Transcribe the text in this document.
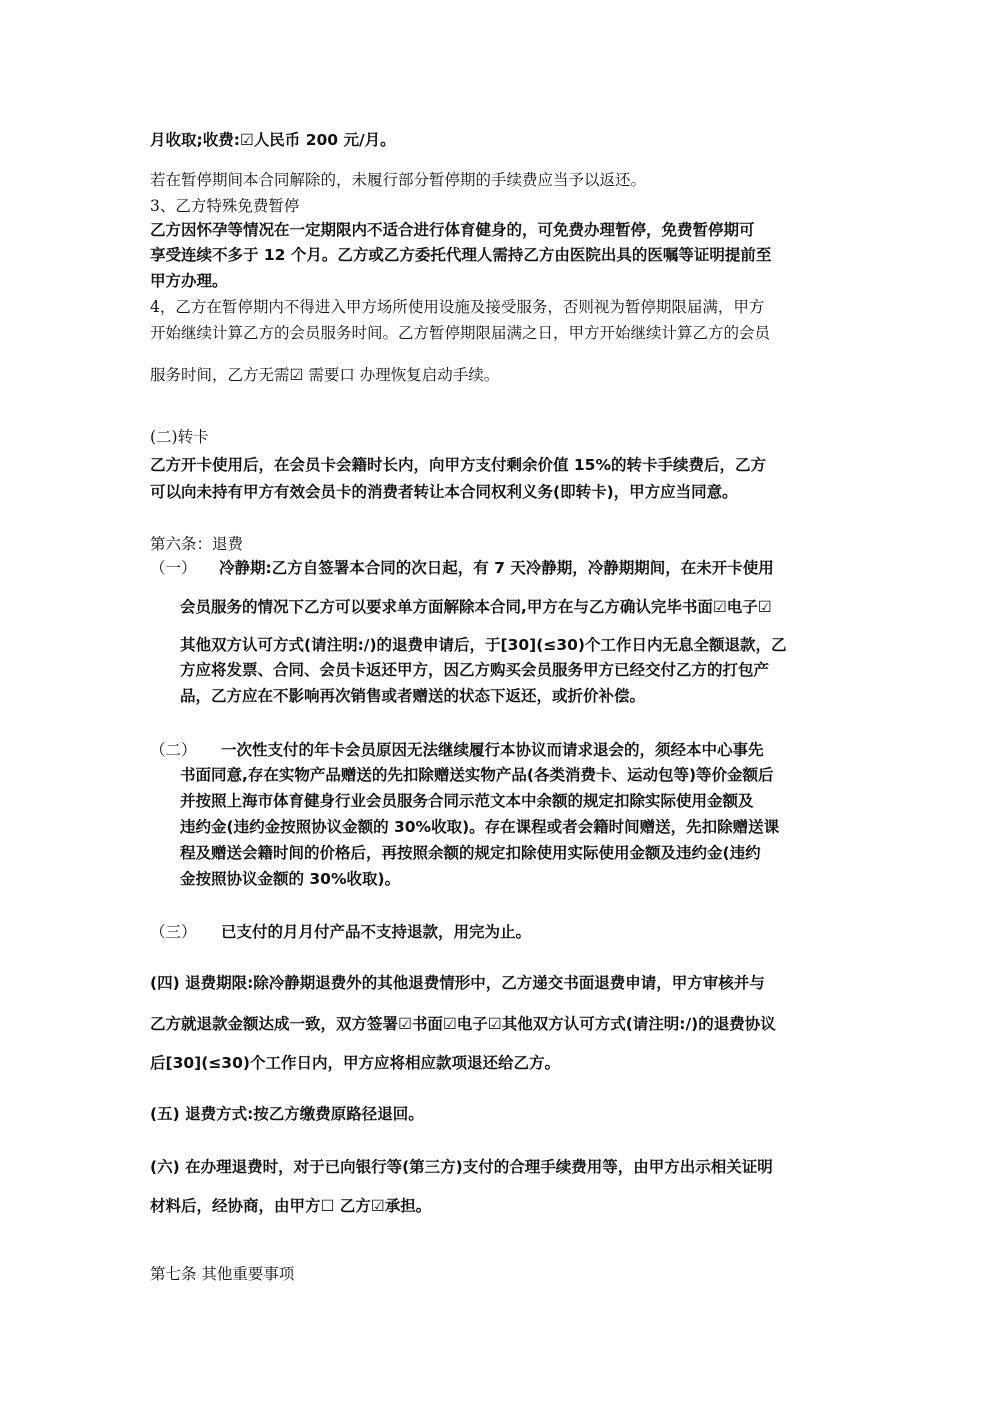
月收取;收费:☑人民币 200 元/月。
若在暂停期间本合同解除的，未履行部分暂停期的手续费应当予以返还。
3、乙方特殊免费暂停
乙方因怀孕等情况在一定期限内不适合进行体育健身的，可免费办理暂停，免费暂停期可
享受连续不多于 12 个月。乙方或乙方委托代理人需持乙方由医院出具的医嘱等证明提前至
甲方办理。
4，乙方在暂停期内不得进入甲方场所使用设施及接受服务，否则视为暂停期限届满，甲方
开始继续计算乙方的会员服务时间。乙方暂停期限届满之日，甲方开始继续计算乙方的会员
服务时间，乙方无需☑ 需要口 办理恢复启动手续。
(二)转卡
乙方开卡使用后，在会员卡会籍时长内，向甲方支付剩余价值 15%的转卡手续费后，乙方
可以向未持有甲方有效会员卡的消费者转让本合同权利义务(即转卡)，甲方应当同意。
第六条：退费
（一） 冷静期:乙方自签署本合同的次日起，有 7 天冷静期，冷静期期间，在未开卡使用
会员服务的情况下乙方可以要求单方面解除本合同,甲方在与乙方确认完毕书面☑电子☑
其他双方认可方式(请注明:/)的退费申请后，于[30](≤30)个工作日内无息全额退款，乙
方应将发票、合同、会员卡返还甲方，因乙方购买会员服务甲方已经交付乙方的打包产
品，乙方应在不影响再次销售或者赠送的状态下返还，或折价补偿。
（二） 一次性支付的年卡会员原因无法继续履行本协议而请求退会的，须经本中心事先
书面同意,存在实物产品赠送的先扣除赠送实物产品(各类消费卡、运动包等)等价金额后
并按照上海市体育健身行业会员服务合同示范文本中余额的规定扣除实际使用金额及
违约金(违约金按照协议金额的 30%收取)。存在课程或者会籍时间赠送，先扣除赠送课
程及赠送会籍时间的价格后，再按照余额的规定扣除使用实际使用金额及违约金(违约
金按照协议金额的 30%收取)。
（三） 已支付的月月付产品不支持退款，用完为止。
(四) 退费期限:除冷静期退费外的其他退费情形中，乙方递交书面退费申请，甲方审核并与
乙方就退款金额达成一致，双方签署☑书面☑电子☑其他双方认可方式(请注明:/)的退费协议
后[30](≤30)个工作日内，甲方应将相应款项退还给乙方。
(五) 退费方式:按乙方缴费原路径退回。
(六) 在办理退费时，对于已向银行等(第三方)支付的合理手续费用等，由甲方出示相关证明
材料后，经协商，由甲方☐ 乙方☑承担。
第七条 其他重要事项
